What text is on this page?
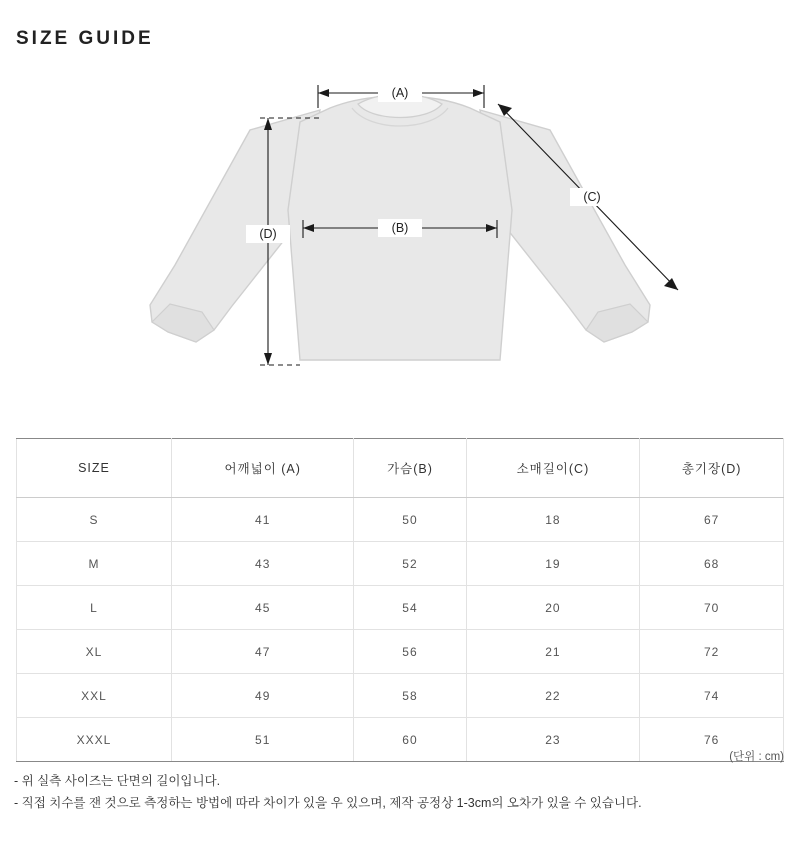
SIZE GUIDE
(A)
(B)
(C)
(D)
SIZE	어깨넓이 (A)	가슴(B)	소매길이(C)	총기장(D)
S	41	50	18	67
M	43	52	19	68
L	45	54	20	70
XL	47	56	21	72
XXL	49	58	22	74
XXXL	51	60	23	76
(단위 : cm)
- 위 실측 사이즈는 단면의 길이입니다.
- 직접 치수를 잰 것으로 측정하는 방법에 따라 차이가 있을 우 있으며, 제작 공정상 1-3cm의 오차가 있을 수 있습니다.
